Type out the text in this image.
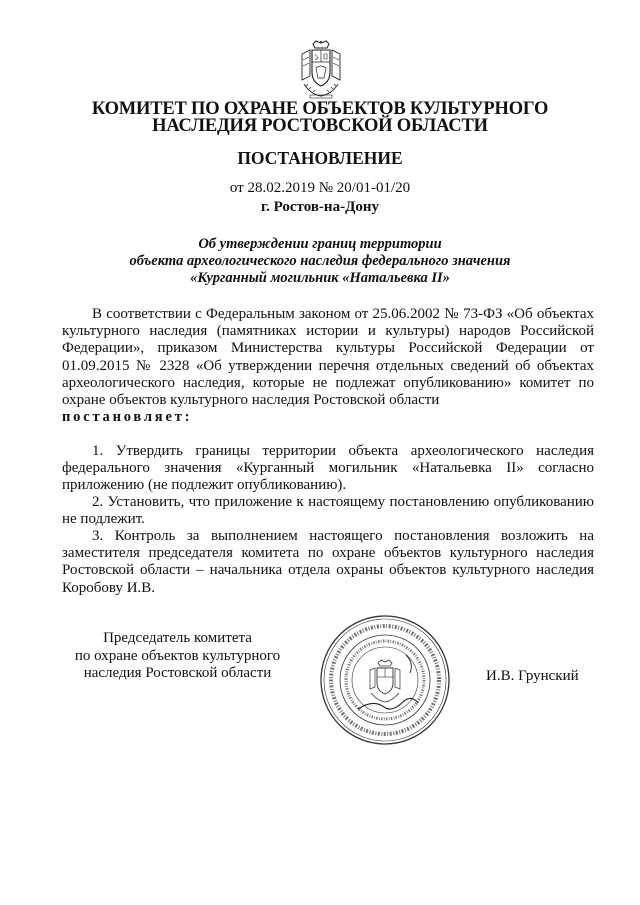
КОМИТЕТ ПО ОХРАНЕ ОБЪЕКТОВ КУЛЬТУРНОГО
НАСЛЕДИЯ РОСТОВСКОЙ ОБЛАСТИ
ПОСТАНОВЛЕНИЕ
от 28.02.2019 № 20/01-01/20
г. Ростов-на-Дону
Об утверждении границ территории
объекта археологического наследия федерального значения
«Курганный могильник «Натальевка II»
В соответствии с Федеральным законом от 25.06.2002 № 73-ФЗ «Об объектах культурного наследия (памятниках истории и культуры) народов Российской Федерации», приказом Министерства культуры Российской Федерации от 01.09.2015 № 2328 «Об утверждении перечня отдельных сведений об объектах археологического наследия, которые не подлежат опубликованию» комитет по охране объектов культурного наследия Ростовской области
постановляет:
1. Утвердить границы территории объекта археологического наследия федерального значения «Курганный могильник «Натальевка II» согласно приложению (не подлежит опубликованию).
2. Установить, что приложение к настоящему постановлению опубликованию не подлежит.
3. Контроль за выполнением настоящего постановления возложить на заместителя председателя комитета по охране объектов культурного наследия Ростовской области – начальника отдела охраны объектов культурного наследия Коробову И.В.
Председатель комитета
по охране объектов культурного
наследия Ростовской области	И.В. Грунский
